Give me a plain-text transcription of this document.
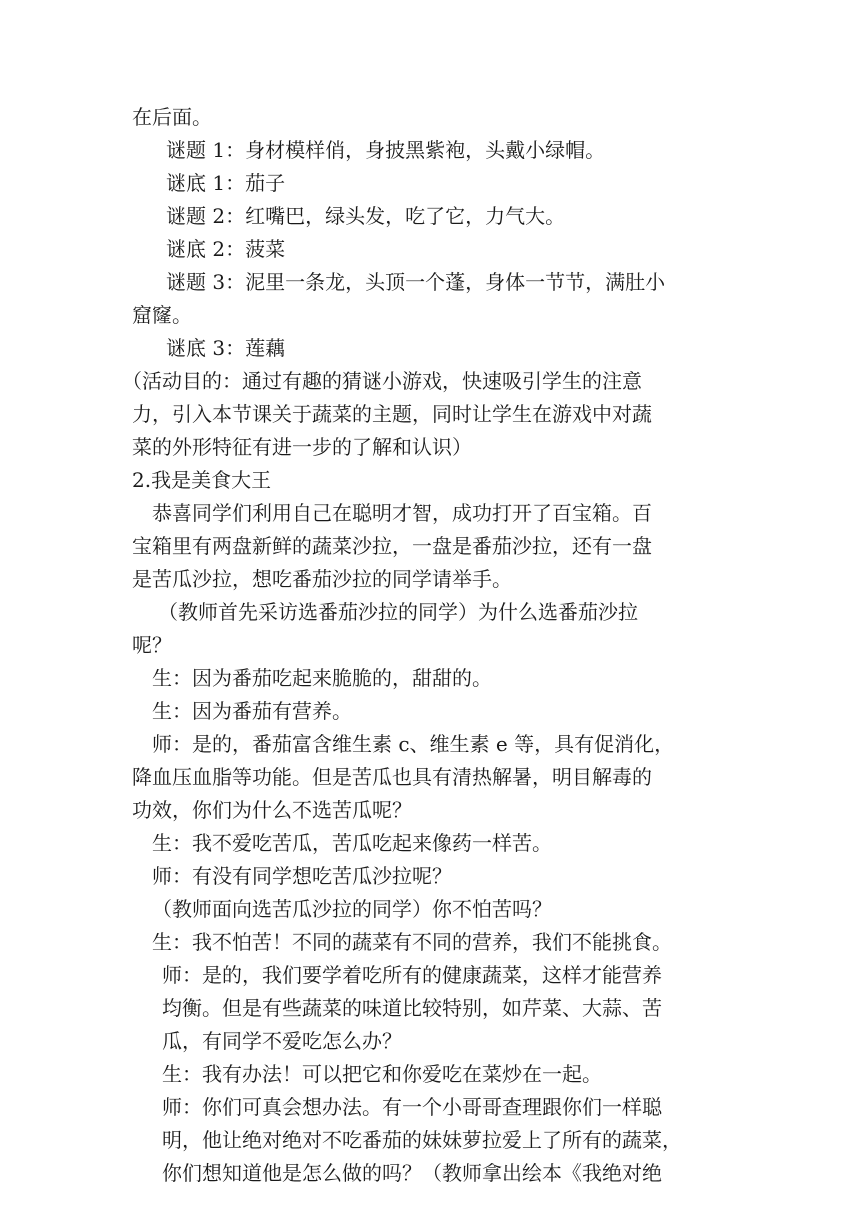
在后面。
谜题 1：身材模样俏，身披黑紫袍，头戴小绿帽。
谜底 1：茄子
谜题 2：红嘴巴，绿头发，吃了它，力气大。
谜底 2：菠菜
谜题 3：泥里一条龙，头顶一个蓬，身体一节节，满肚小
窟窿。
谜底 3：莲藕
（活动目的：通过有趣的猜谜小游戏，快速吸引学生的注意
力，引入本节课关于蔬菜的主题，同时让学生在游戏中对蔬
菜的外形特征有进一步的了解和认识）
2.我是美食大王
恭喜同学们利用自己在聪明才智，成功打开了百宝箱。百
宝箱里有两盘新鲜的蔬菜沙拉，一盘是番茄沙拉，还有一盘
是苦瓜沙拉，想吃番茄沙拉的同学请举手。
（教师首先采访选番茄沙拉的同学）为什么选番茄沙拉
呢？
生：因为番茄吃起来脆脆的，甜甜的。
生：因为番茄有营养。
师：是的，番茄富含维生素 c、维生素 e 等，具有促消化，
降血压血脂等功能。但是苦瓜也具有清热解暑，明目解毒的
功效，你们为什么不选苦瓜呢？
生：我不爱吃苦瓜，苦瓜吃起来像药一样苦。
师：有没有同学想吃苦瓜沙拉呢？
（教师面向选苦瓜沙拉的同学）你不怕苦吗？
生：我不怕苦！不同的蔬菜有不同的营养，我们不能挑食。
师：是的，我们要学着吃所有的健康蔬菜，这样才能营养
均衡。但是有些蔬菜的味道比较特别，如芹菜、大蒜、苦
瓜，有同学不爱吃怎么办？
生：我有办法！可以把它和你爱吃在菜炒在一起。
师：你们可真会想办法。有一个小哥哥查理跟你们一样聪
明，他让绝对绝对不吃番茄的妹妹萝拉爱上了所有的蔬菜，
你们想知道他是怎么做的吗？（教师拿出绘本《我绝对绝
